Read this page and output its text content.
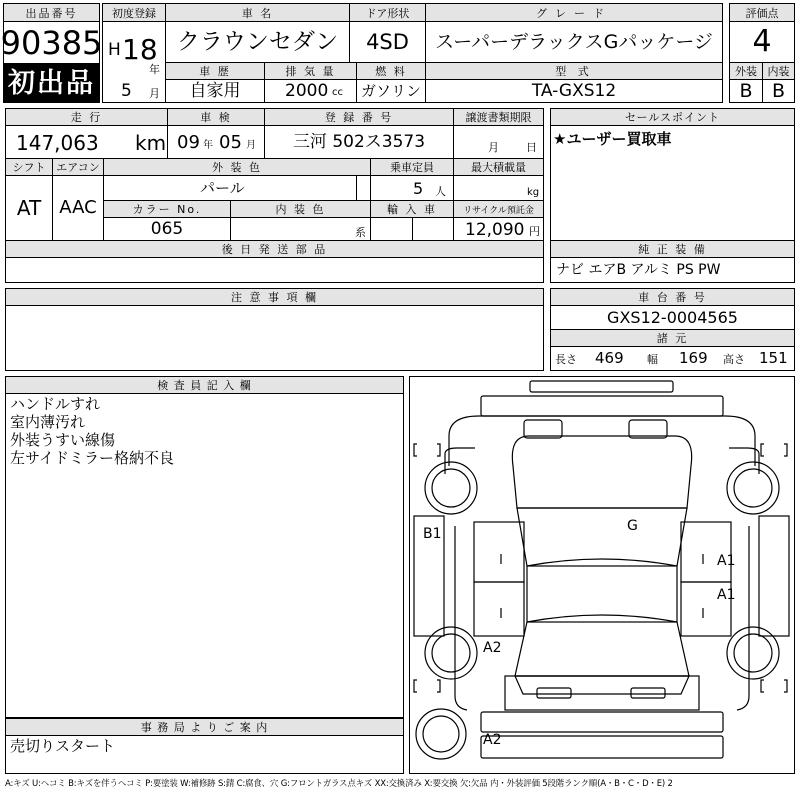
出品番号
90385
初出品
初度登録
H 18
年
5 月
車 名
クラウンセダン
ドア形状
4SD
グレード
スーパーデラックスGパッケージ
評価点
4
車 歴
自家用
排 気 量
2000 cc
燃 料
ガソリン
型 式
TA-GXS12
外装 内装
B B
走 行
147,063 km
車 検
09 年 05 月
登 録 番 号
三河 502ス3573
譲渡書類期限
月 日
シフト
AT
エアコン
AAC
外 装 色
パール
カラー No.
065
内 装 色
系
乗車定員
5 人
最大積載量
kg
輸 入 車	リサイクル預託金
12,090 円
後 日 発 送 部 品
注 意 事 項 欄
セールスポイント
★ユーザー買取車
純 正 装 備
ナビ エアB アルミ PS PW
車 台 番 号
GXS12-0004565
諸 元
長さ 469 幅 169 高さ 151
検 査 員 記 入 欄
ハンドルすれ
室内薄汚れ
外装うすい線傷
左サイドミラー格納不良
事 務 局 よ り ご 案 内
売切りスタート
G
B1
A1
A1
A2
A2
A:キズ U:ヘコミ B:キズを伴うヘコミ P:要塗装 W:補修跡 S:錆 C:腐食、穴 G:フロントガラス点キズ XX:交換済み X:要交換 欠:欠品 内・外装評価 5段階ランク順(A・B・C・D・E) 2
